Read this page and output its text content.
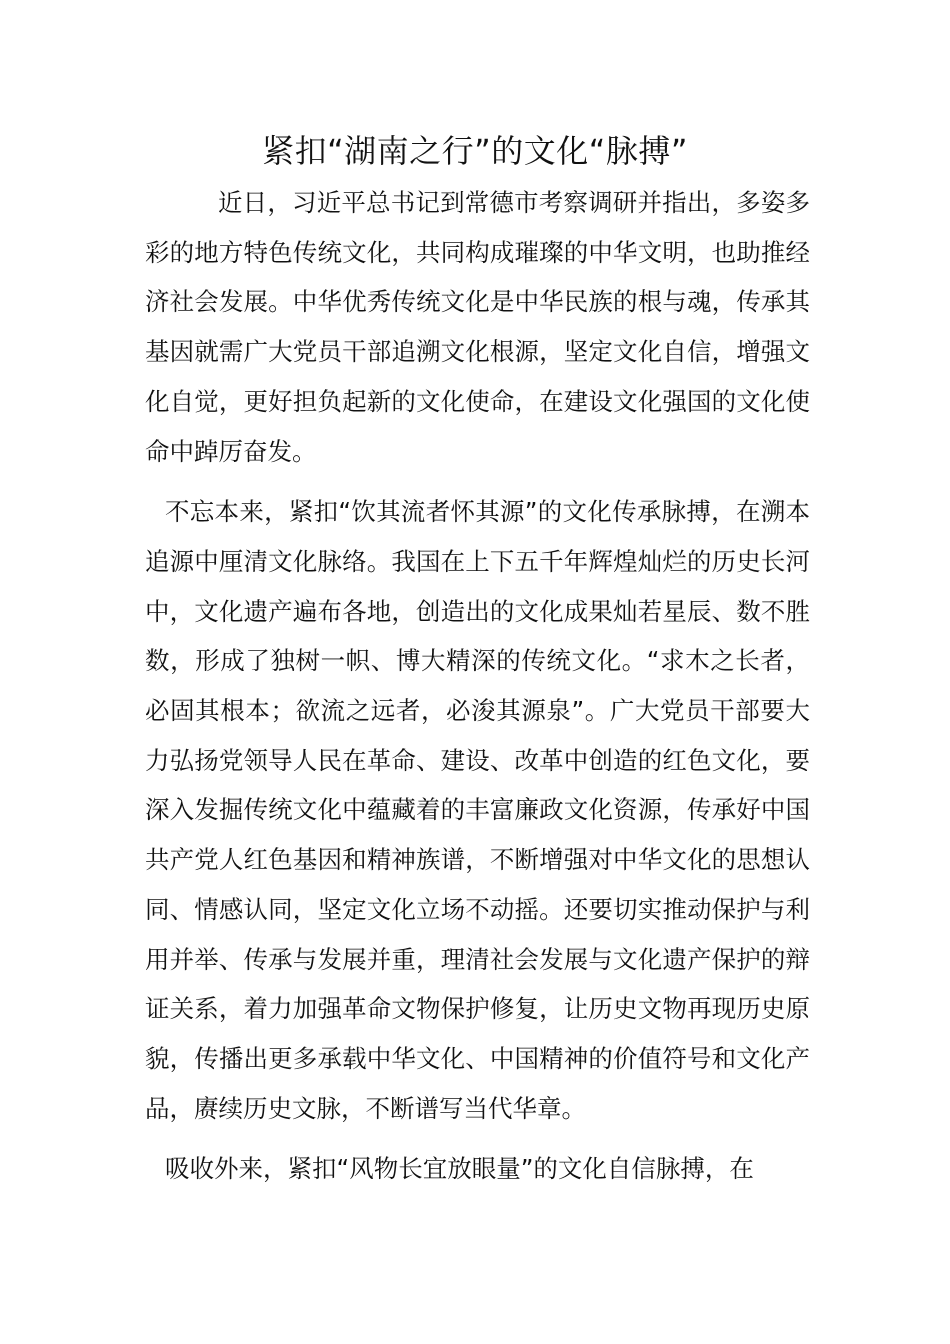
紧扣“湖南之行”的文化“脉搏”

近日，习近平总书记到常德市考察调研并指出，多姿多彩的地方特色传统文化，共同构成璀璨的中华文明，也助推经济社会发展。中华优秀传统文化是中华民族的根与魂，传承其基因就需广大党员干部追溯文化根源，坚定文化自信，增强文化自觉，更好担负起新的文化使命，在建设文化强国的文化使命中踔厉奋发。

不忘本来，紧扣“饮其流者怀其源”的文化传承脉搏，在溯本追源中厘清文化脉络。我国在上下五千年辉煌灿烂的历史长河中，文化遗产遍布各地，创造出的文化成果灿若星辰、数不胜数，形成了独树一帜、博大精深的传统文化。“求木之长者，必固其根本；欲流之远者，必浚其源泉”。广大党员干部要大力弘扬党领导人民在革命、建设、改革中创造的红色文化，要深入发掘传统文化中蕴藏着的丰富廉政文化资源，传承好中国共产党人红色基因和精神族谱，不断增强对中华文化的思想认同、情感认同，坚定文化立场不动摇。还要切实推动保护与利用并举、传承与发展并重，理清社会发展与文化遗产保护的辩证关系，着力加强革命文物保护修复，让历史文物再现历史原貌，传播出更多承载中华文化、中国精神的价值符号和文化产品，赓续历史文脉，不断谱写当代华章。

吸收外来，紧扣“风物长宜放眼量”的文化自信脉搏，在
